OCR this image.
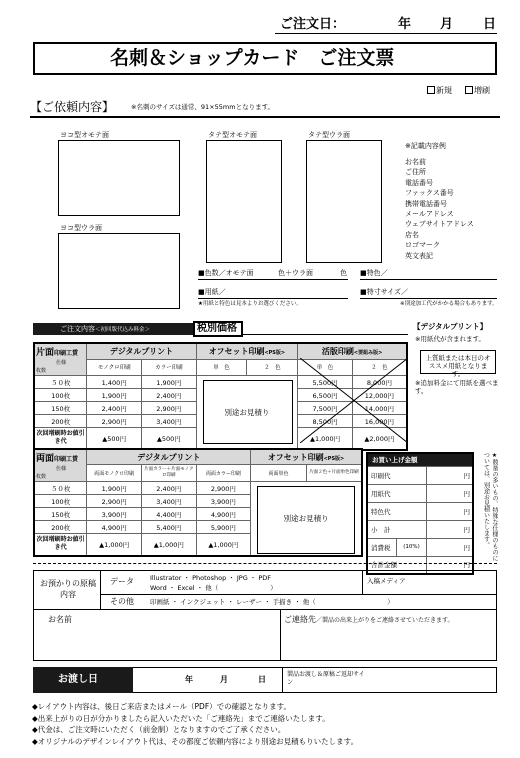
ご注文日：	年 月 日
名刺＆ショップカード　ご注文票
新規	増刷
【ご依頼内容】	※名刺のサイズは通常、91×55mmとなります。
ヨコ型オモテ面
ヨコ型ウラ面
タテ型オモテ面	タテ型ウラ面
※記載内容例
お名前
ご住所
電話番号
ファックス番号
携帯電話番号
メールアドレス
ウェブサイトアドレス
店名
ロゴマーク
英文表記
■色数／オモテ面	色＋ウラ面	色 ■特色／
■用紙／	■特寸サイズ／
★用紙と特色は見本よりお選びください。	※別途加工代がかかる場合もあります。
ご注文内容＜初回版代込み料金＞	税別価格	【デジタルプリント】
※用紙代が含まれます。
上質紙または本日のオススメ用紙となります。
※追加料金にて用紙を選べます。
片面印刷工賃
仕様
枚数	デジタルプリント		オフセット印刷<PS版>		活版印刷<要組み版>	
	モノクロ印刷	カラー印刷	単　色	２　色	単　色	２　色
５０枚	1,400円	1,900円	別途お見積り		5,500円	8,000円
100枚	1,900円	2,400円			6,500円	12,000円
150枚	2,400円	2,900円			7,500円	14,000円
200枚	2,900円	3,400円			8,500円	16,000円
次回増刷時お値引き代	▲500円	▲500円			▲1,000円	▲2,000円
両面印刷工賃
仕様
枚数	デジタルプリント			オフセット印刷<PS版>	
	両面モノクロ印刷	片面カラー＋片面モノクロ印刷	両面カラー印刷	両面単色	片面２色＋片面単色印刷
５０枚	1,900円	2,400円	2,900円	別途お見積り	
100枚	2,900円	3,400円	3,900円		
150枚	3,900円	4,400円	4,900円		
200枚	4,900円	5,400円	5,900円		
次回増刷時お値引き代	▲1,000円	▲1,000円	▲1,000円		
お買い上げ金額		
印刷代		円
用紙代		円
特色代		円
小　計		円
消費税	(10%)	円
合計金額		円
★数量の多いもの、特殊な仕様のものについては、別途お見積いたします。
お預かりの原稿内容
データ Illustrator ・ Photoshop ・ JPG ・ PDF
Word ・ Excel ・ 他（　　　　　　　　）
入稿メディア
その他 印画紙 ・ インクジェット ・ レーザー ・ 手描き ・ 他（　　　　　　　　　　　）
お名前	ご連絡先／製品の出来上がりをご連絡させていただきます。
お渡し日	年	月	日
製品お渡し＆原稿ご返却サイン
◆レイアウト内容は、後日ご来店またはメール（PDF）での確認となります。
◆出来上がりの日が分かりましたら記入いただいた「ご連絡先」までご連絡いたします。
◆代金は、ご注文時にいただく（前金制）となりますのでご了承ください。
◆オリジナルのデザインレイアウト代は、その都度ご依頼内容により別途お見積もりいたします。
